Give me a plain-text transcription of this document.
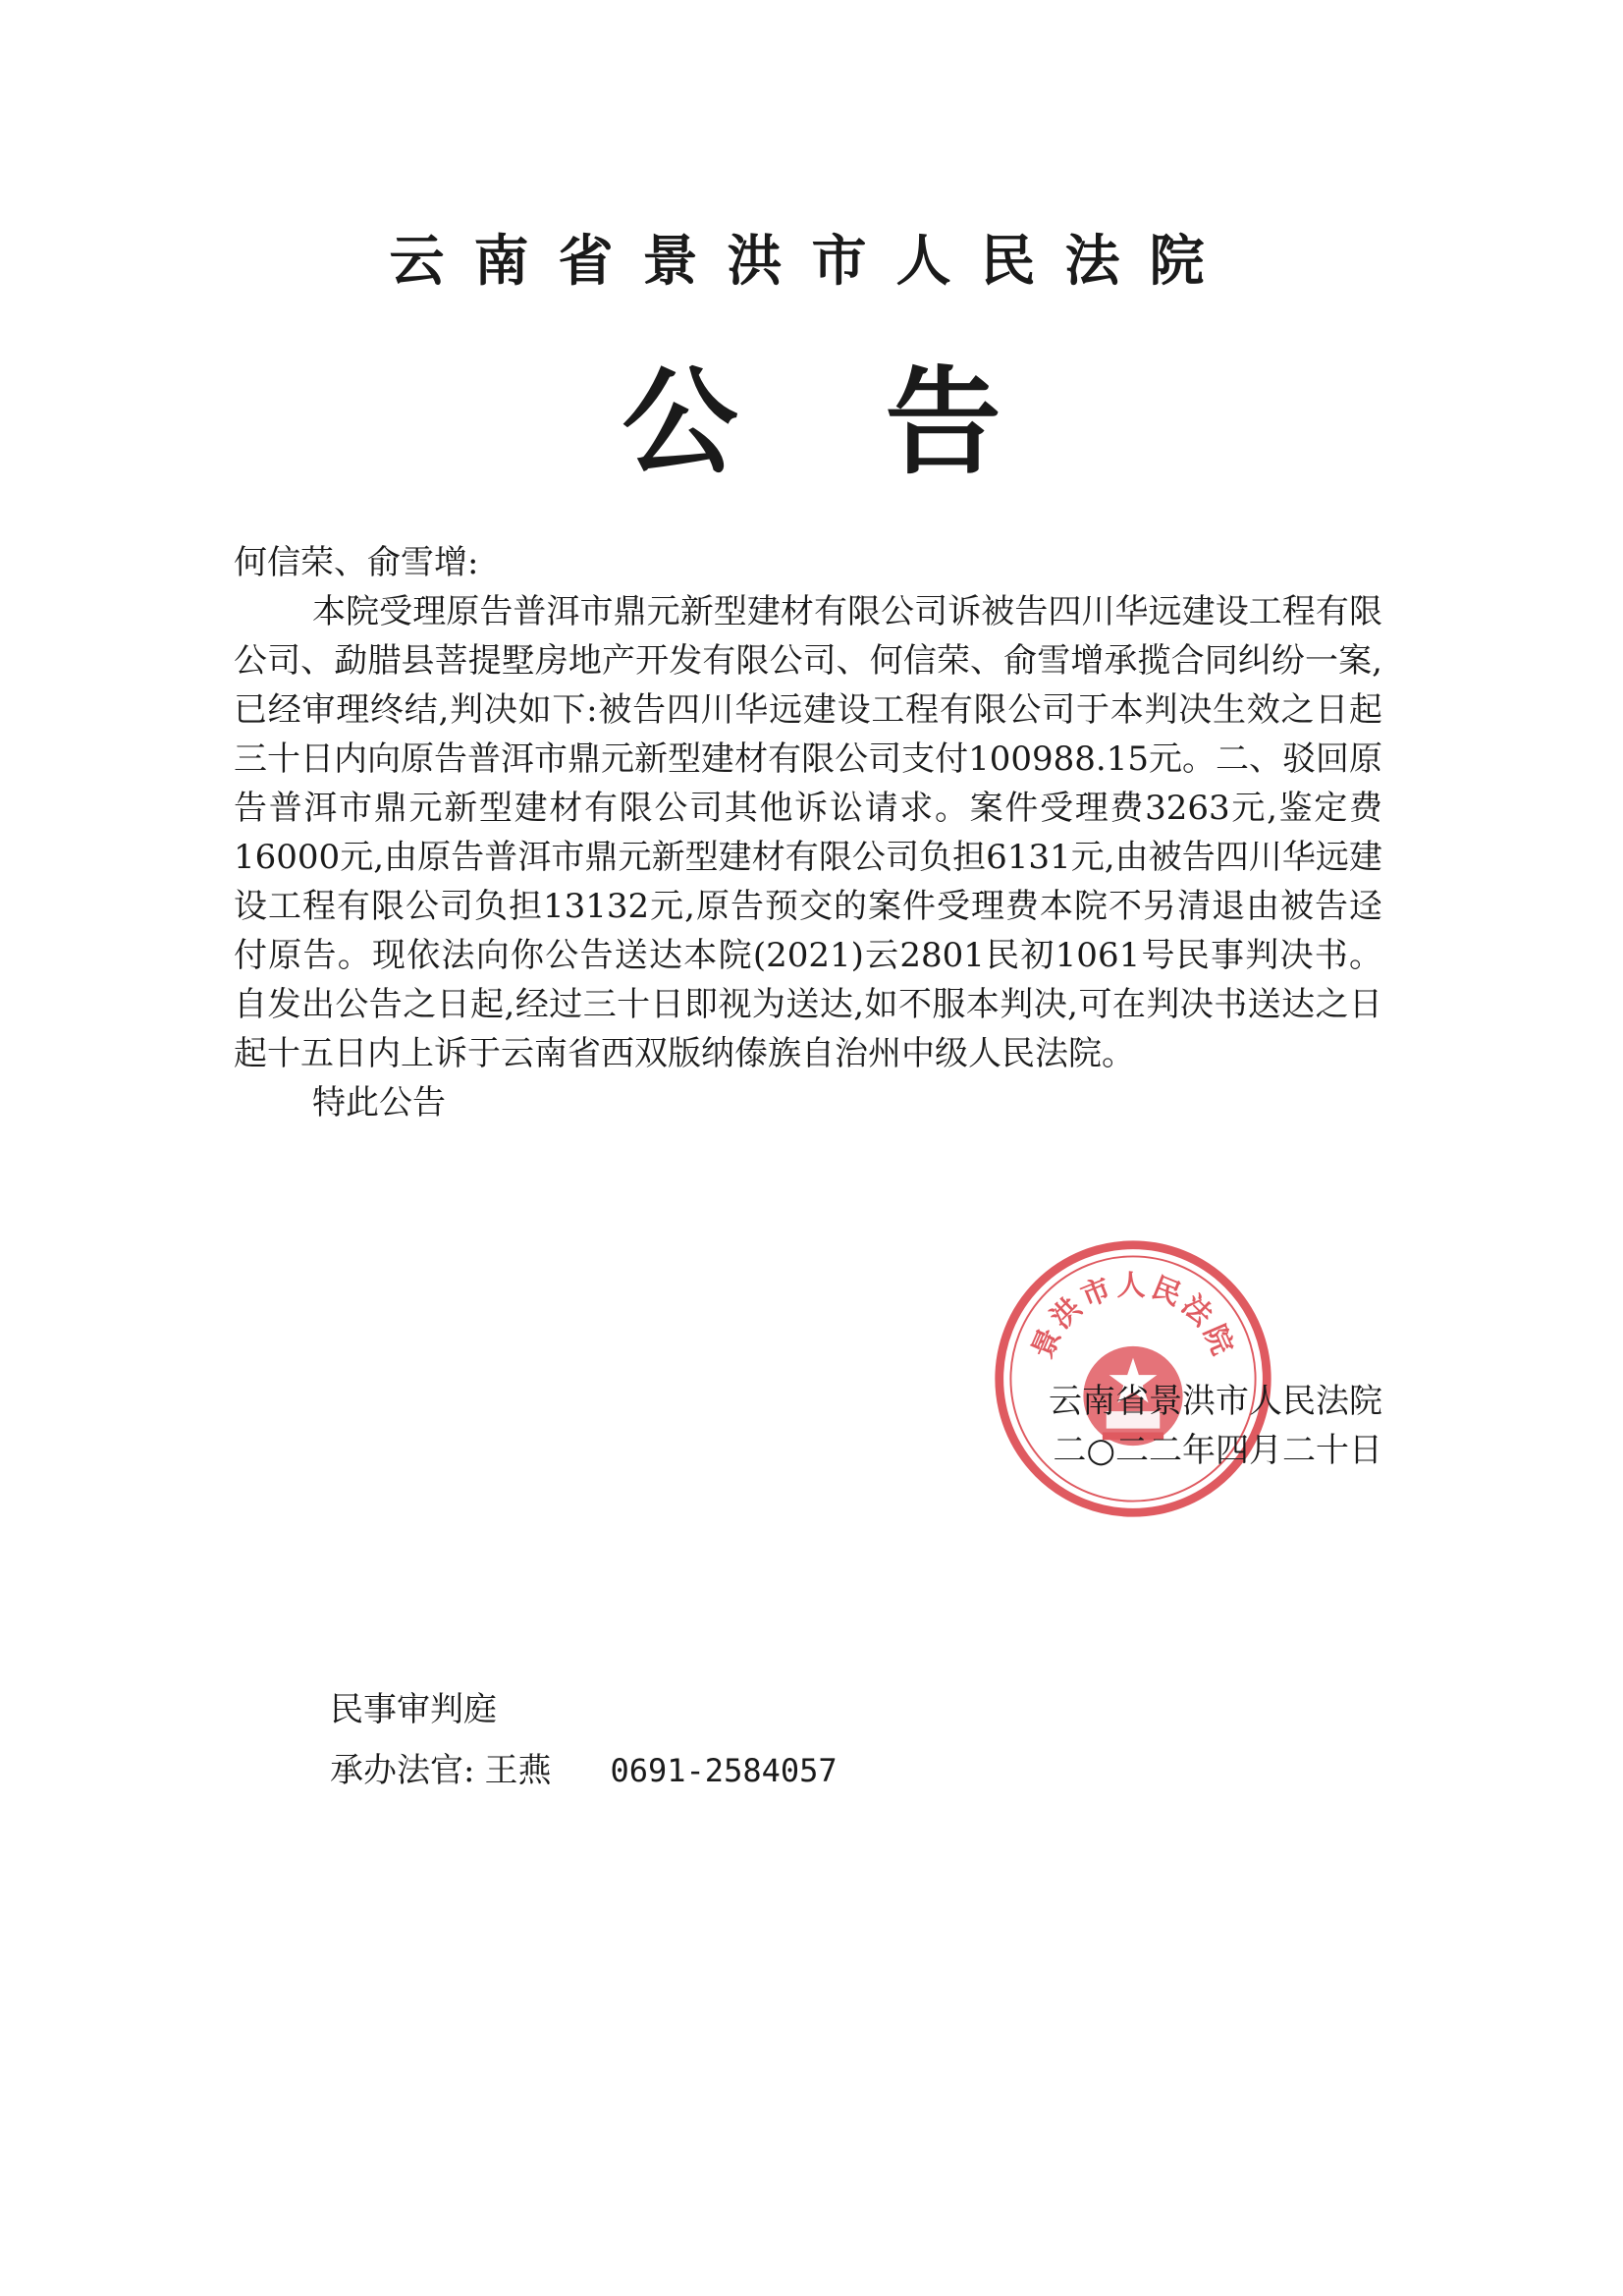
云南省景洪市人民法院
公告

何信荣、俞雪增:

本院受理原告普洱市鼎元新型建材有限公司诉被告四川华远建设工程有限公司、勐腊县菩提墅房地产开发有限公司、何信荣、俞雪增承揽合同纠纷一案,已经审理终结,判决如下:被告四川华远建设工程有限公司于本判决生效之日起三十日内向原告普洱市鼎元新型建材有限公司支付100988.15元。二、驳回原告普洱市鼎元新型建材有限公司其他诉讼请求。案件受理费3263元,鉴定费16000元,由原告普洱市鼎元新型建材有限公司负担6131元,由被告四川华远建设工程有限公司负担13132元,原告预交的案件受理费本院不另清退由被告迳付原告。现依法向你公告送达本院(2021)云2801民初1061号民事判决书。自发出公告之日起,经过三十日即视为送达,如不服本判决,可在判决书送达之日起十五日内上诉于云南省西双版纳傣族自治州中级人民法院。

特此公告

景洪市人民法院
云南省景洪市人民法院
二○二二年四月二十日
民事审判庭
承办法官: 王燕 0691-2584057
